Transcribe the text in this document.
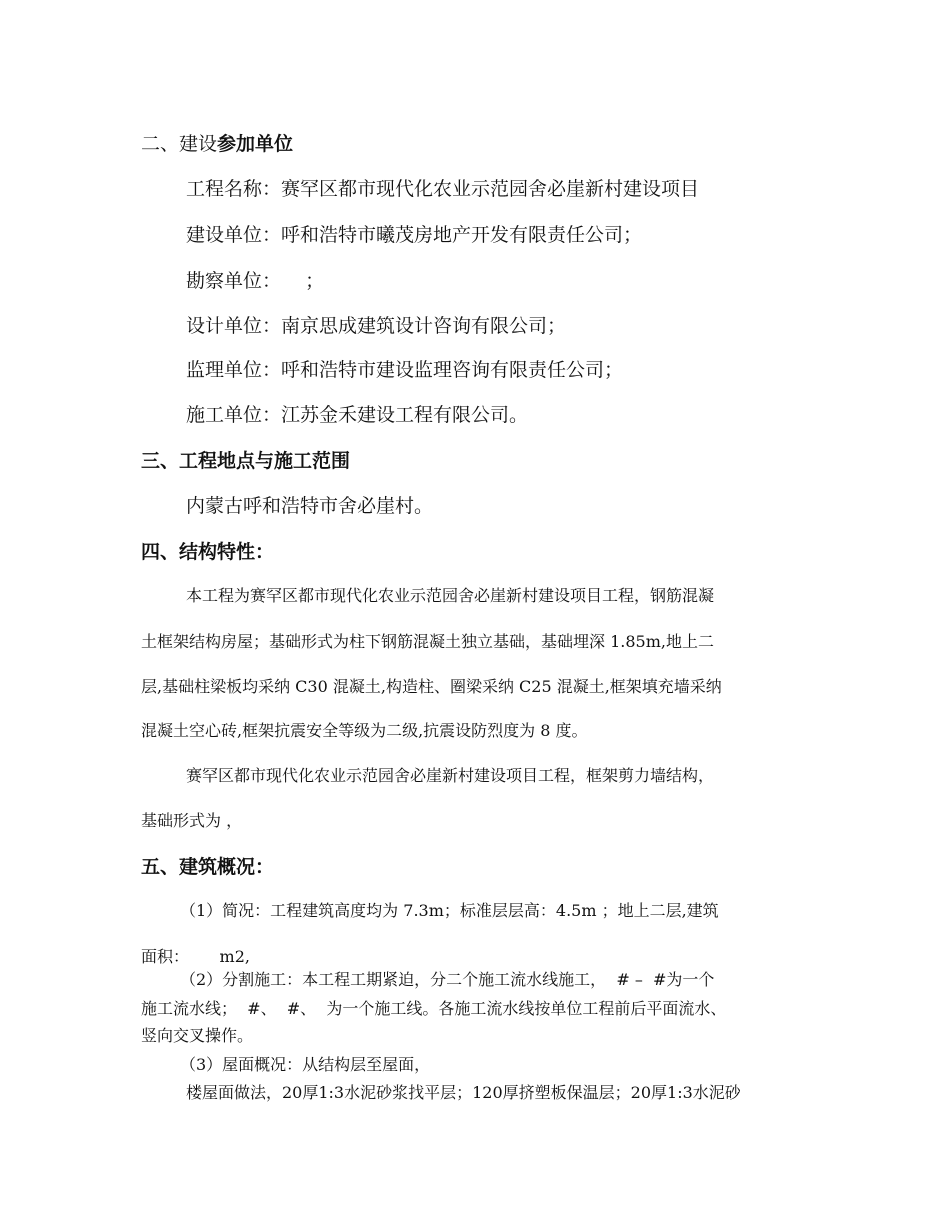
二、建设参加单位
工程名称：赛罕区都市现代化农业示范园舍必崖新村建设项目
建设单位：呼和浩特市曦茂房地产开发有限责任公司；
勘察单位：    ；
设计单位：南京思成建筑设计咨询有限公司；
监理单位：呼和浩特市建设监理咨询有限责任公司；
施工单位：江苏金禾建设工程有限公司。
三、工程地点与施工范围
内蒙古呼和浩特市舍必崖村。
四、结构特性：
本工程为赛罕区都市现代化农业示范园舍必崖新村建设项目工程，钢筋混凝
土框架结构房屋；基础形式为柱下钢筋混凝土独立基础，基础埋深 1.85m,地上二
层,基础柱梁板均采纳 C30 混凝土,构造柱、圈梁采纳 C25 混凝土,框架填充墙采纳
混凝土空心砖,框架抗震安全等级为二级,抗震设防烈度为 8 度。
赛罕区都市现代化农业示范园舍必崖新村建设项目工程，框架剪力墙结构，
基础形式为 ，
五、建筑概况：
（1）简况：工程建筑高度均为 7.3m；标准层层高：4.5m ；地上二层,建筑
面积：      m2,
（2）分割施工：本工程工期紧迫，分二个施工流水线施工，  # –  #为一个
施工流水线；  #、  #、  为一个施工线。各施工流水线按单位工程前后平面流水、
竖向交叉操作。
（3）屋面概况：从结构层至屋面，
楼屋面做法，20厚1:3水泥砂浆找平层；120厚挤塑板保温层；20厚1:3水泥砂
